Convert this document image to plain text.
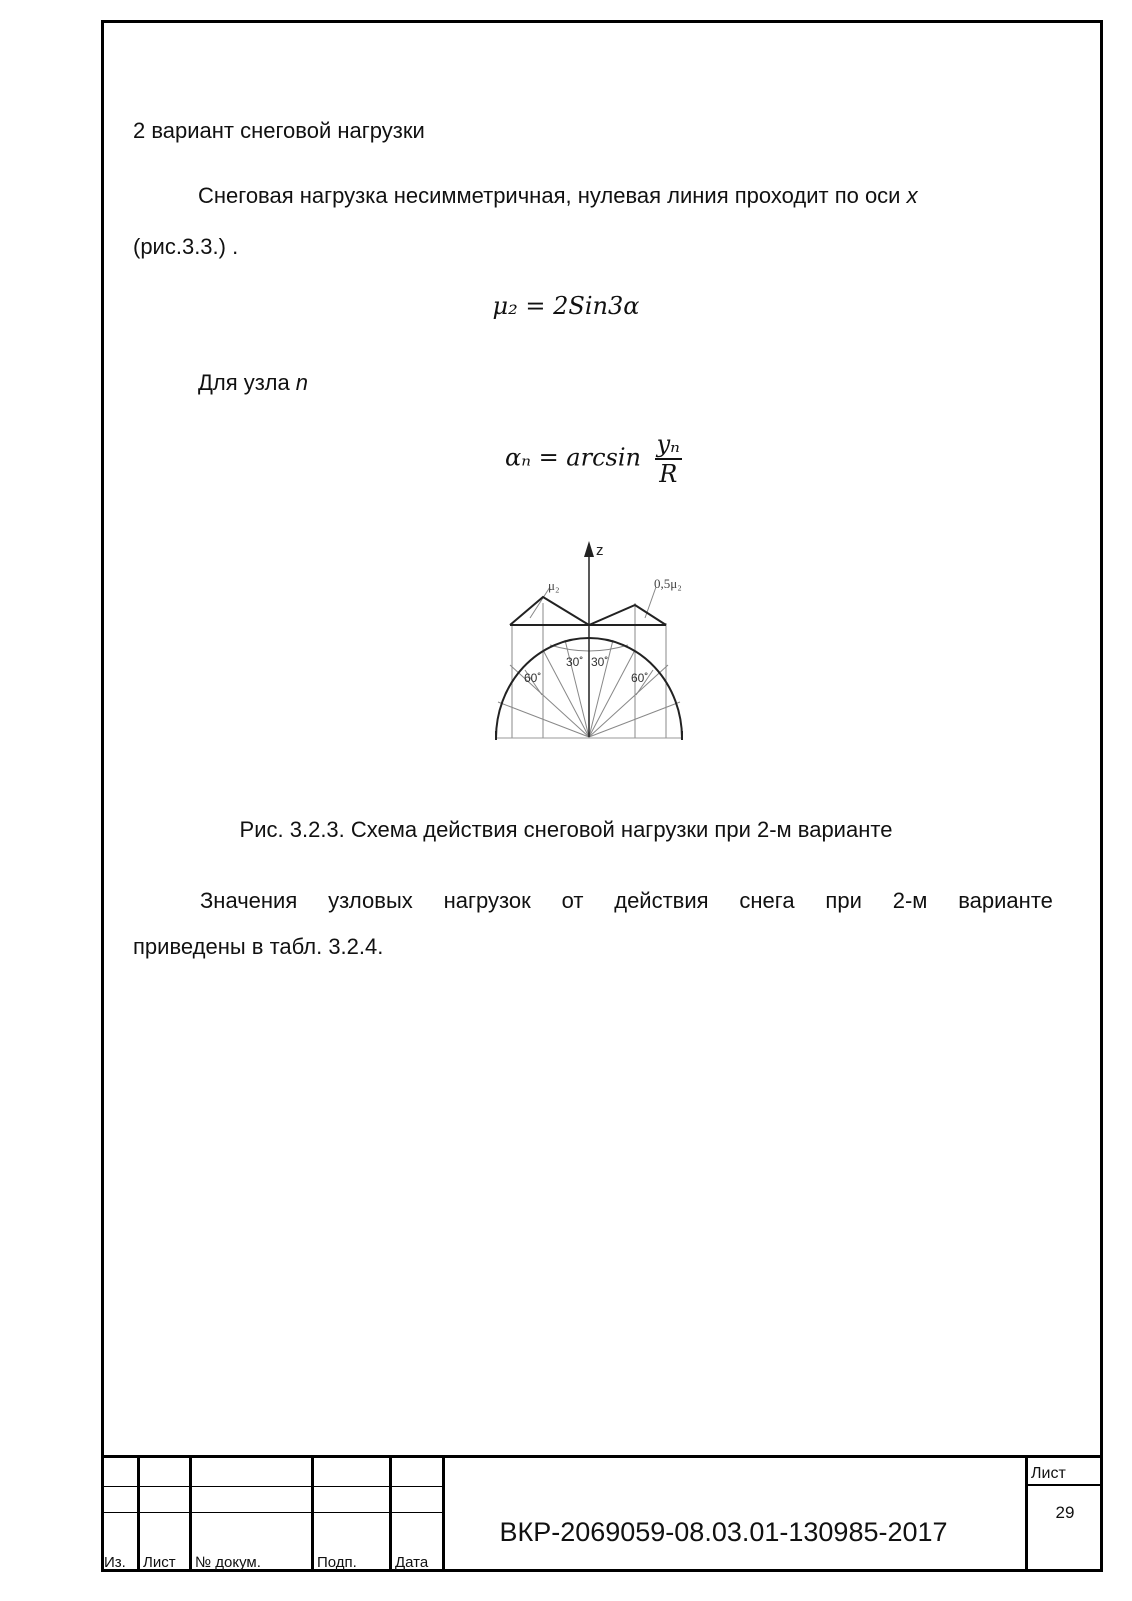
2 вариант снеговой нагрузки
Снеговая нагрузка несимметричная, нулевая линия проходит по оси x
(рис.3.3.) .
μ₂ = 2Sin3α
Для узла n
$\alpha_n = \arcsin \frac{\text{yₙ}}{R}$
z
μ₂	0,5μ₂
30˚ 30˚
60˚	60˚
Рис. 3.2.3. Схема действия снеговой нагрузки при 2-м варианте
Значения узловых нагрузок от действия снега при 2-м варианте
приведены в табл. 3.2.4.
Из. Лист № докум.	Подп.	Дата
ВКР-2069059-08.03.01-130985-2017
Лист
29
